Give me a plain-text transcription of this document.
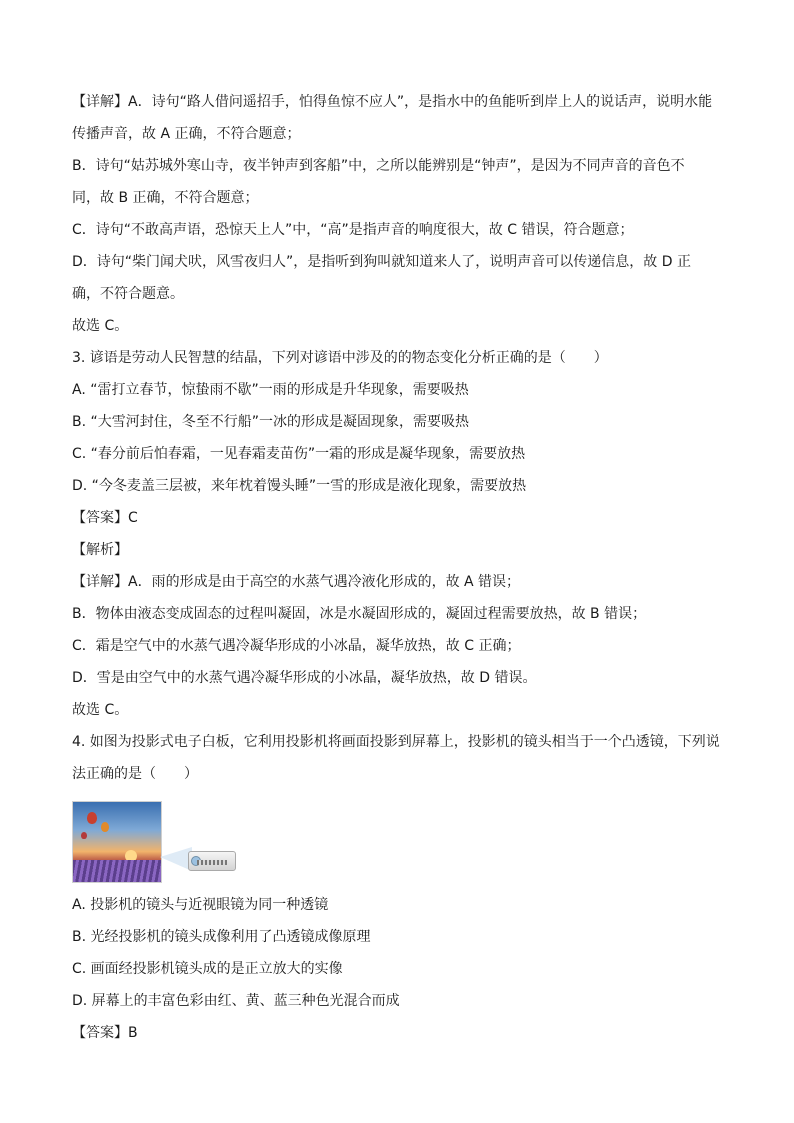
【详解】A．诗句“路人借问遥招手，怕得鱼惊不应人”，是指水中的鱼能听到岸上人的说话声，说明水能

传播声音，故 A 正确，不符合题意；

B．诗句“姑苏城外寒山寺，夜半钟声到客船”中，之所以能辨别是“钟声”，是因为不同声音的音色不

同，故 B 正确，不符合题意；

C．诗句“不敢高声语，恐惊天上人”中，“高”是指声音的响度很大，故 C 错误，符合题意；

D．诗句“柴门闻犬吠，风雪夜归人”，是指听到狗叫就知道来人了，说明声音可以传递信息，故 D 正

确，不符合题意。

故选 C。

3. 谚语是劳动人民智慧的结晶，下列对谚语中涉及的的物态变化分析正确的是（　　）

A. “雷打立春节，惊蛰雨不歇”一雨的形成是升华现象，需要吸热

B. “大雪河封住，冬至不行船”一冰的形成是凝固现象，需要吸热

C. “春分前后怕春霜，一见春霜麦苗伤”一霜的形成是凝华现象，需要放热

D. “今冬麦盖三层被，来年枕着馒头睡”一雪的形成是液化现象，需要放热

【答案】C

【解析】

【详解】A．雨的形成是由于高空的水蒸气遇冷液化形成的，故 A 错误；

B．物体由液态变成固态的过程叫凝固，冰是水凝固形成的，凝固过程需要放热，故 B 错误；

C．霜是空气中的水蒸气遇冷凝华形成的小冰晶，凝华放热，故 C 正确；

D．雪是由空气中的水蒸气遇冷凝华形成的小冰晶，凝华放热，故 D 错误。

故选 C。

4. 如图为投影式电子白板，它利用投影机将画面投影到屏幕上，投影机的镜头相当于一个凸透镜，下列说

法正确的是（　　）

A. 投影机的镜头与近视眼镜为同一种透镜

B. 光经投影机的镜头成像利用了凸透镜成像原理

C. 画面经投影机镜头成的是正立放大的实像

D. 屏幕上的丰富色彩由红、黄、蓝三种色光混合而成

【答案】B
